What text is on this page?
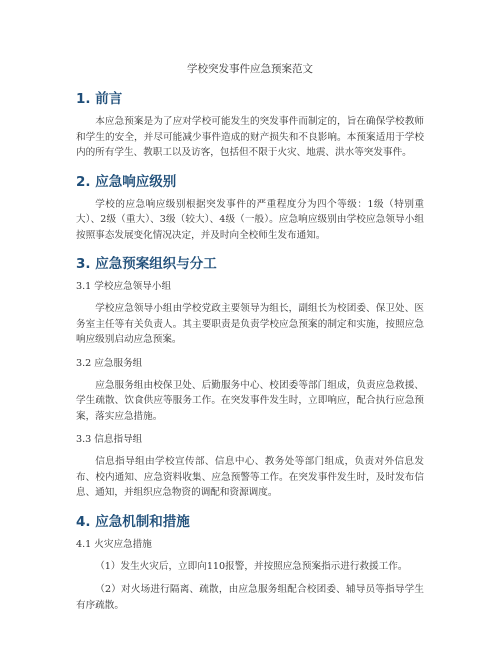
学校突发事件应急预案范文
1. 前言
本应急预案是为了应对学校可能发生的突发事件而制定的，旨在确保学校教师和学生的安全，并尽可能减少事件造成的财产损失和不良影响。本预案适用于学校内的所有学生、教职工以及访客，包括但不限于火灾、地震、洪水等突发事件。
2. 应急响应级别
学校的应急响应级别根据突发事件的严重程度分为四个等级：1级（特别重大）、2级（重大）、3级（较大）、4级（一般）。应急响应级别由学校应急领导小组按照事态发展变化情况决定，并及时向全校师生发布通知。
3. 应急预案组织与分工
3.1 学校应急领导小组
学校应急领导小组由学校党政主要领导为组长，副组长为校团委、保卫处、医务室主任等有关负责人。其主要职责是负责学校应急预案的制定和实施，按照应急响应级别启动应急预案。
3.2 应急服务组
应急服务组由校保卫处、后勤服务中心、校团委等部门组成，负责应急救援、学生疏散、饮食供应等服务工作。在突发事件发生时，立即响应，配合执行应急预案，落实应急措施。
3.3 信息指导组
信息指导组由学校宣传部、信息中心、教务处等部门组成，负责对外信息发布、校内通知、应急资料收集、应急预警等工作。在突发事件发生时，及时发布信息、通知，并组织应急物资的调配和资源调度。
4. 应急机制和措施
4.1 火灾应急措施
（1）发生火灾后，立即向110报警，并按照应急预案指示进行救援工作。
（2）对火场进行隔离、疏散，由应急服务组配合校团委、辅导员等指导学生有序疏散。
